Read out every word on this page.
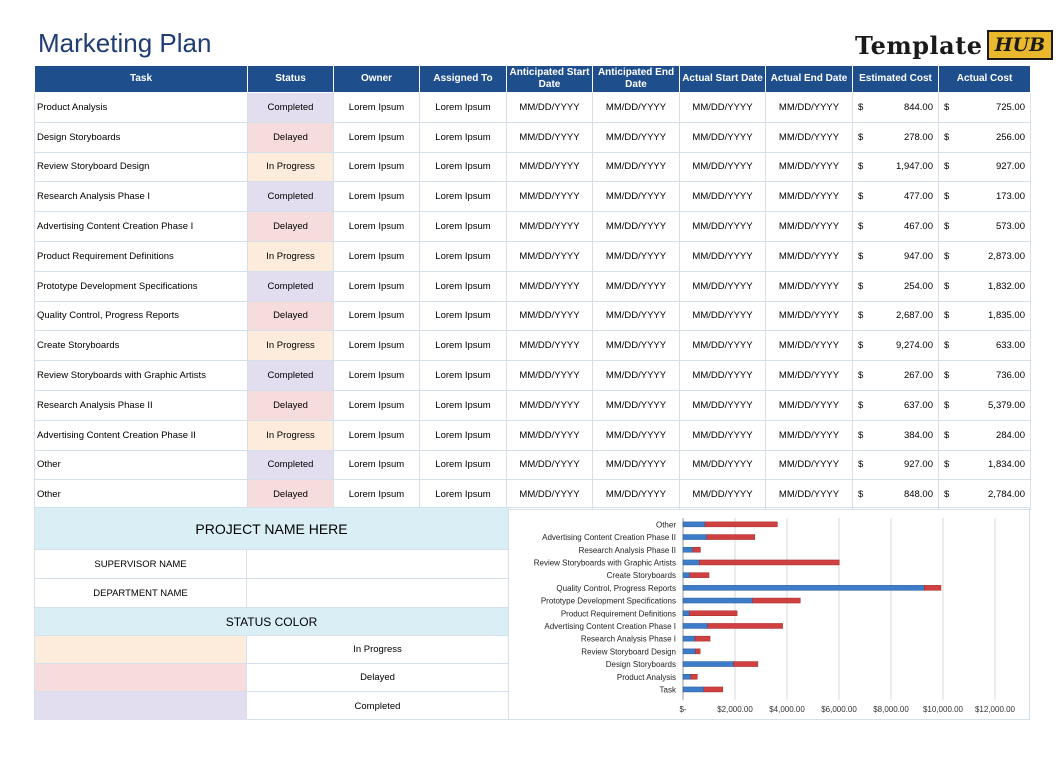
Marketing Plan	Template HUB
Task	Status	Owner	Assigned To	Anticipated Start Date	Anticipated End Date	Actual Start Date	Actual End Date	Estimated Cost	Actual Cost
Product Analysis	Completed	Lorem Ipsum	Lorem Ipsum	MM/DD/YYYY	MM/DD/YYYY	MM/DD/YYYY	MM/DD/YYYY	$ 844.00	$ 725.00

Design Storyboards	Delayed	Lorem Ipsum	Lorem Ipsum	MM/DD/YYYY	MM/DD/YYYY	MM/DD/YYYY	MM/DD/YYYY	$ 278.00	$ 256.00

Review Storyboard Design	In Progress	Lorem Ipsum	Lorem Ipsum	MM/DD/YYYY	MM/DD/YYYY	MM/DD/YYYY	MM/DD/YYYY	$ 1,947.00	$ 927.00

Research Analysis Phase I	Completed	Lorem Ipsum	Lorem Ipsum	MM/DD/YYYY	MM/DD/YYYY	MM/DD/YYYY	MM/DD/YYYY	$ 477.00	$ 173.00

Advertising Content Creation Phase I	Delayed	Lorem Ipsum	Lorem Ipsum	MM/DD/YYYY	MM/DD/YYYY	MM/DD/YYYY	MM/DD/YYYY	$ 467.00	$ 573.00

Product Requirement Definitions	In Progress	Lorem Ipsum	Lorem Ipsum	MM/DD/YYYY	MM/DD/YYYY	MM/DD/YYYY	MM/DD/YYYY	$ 947.00	$ 2,873.00

Prototype Development Specifications	Completed	Lorem Ipsum	Lorem Ipsum	MM/DD/YYYY	MM/DD/YYYY	MM/DD/YYYY	MM/DD/YYYY	$ 254.00	$ 1,832.00

Quality Control, Progress Reports	Delayed	Lorem Ipsum	Lorem Ipsum	MM/DD/YYYY	MM/DD/YYYY	MM/DD/YYYY	MM/DD/YYYY	$ 2,687.00	$ 1,835.00

Create Storyboards	In Progress	Lorem Ipsum	Lorem Ipsum	MM/DD/YYYY	MM/DD/YYYY	MM/DD/YYYY	MM/DD/YYYY	$ 9,274.00	$ 633.00

Review Storyboards with Graphic Artists	Completed	Lorem Ipsum	Lorem Ipsum	MM/DD/YYYY	MM/DD/YYYY	MM/DD/YYYY	MM/DD/YYYY	$ 267.00	$ 736.00

Research Analysis Phase II	Delayed	Lorem Ipsum	Lorem Ipsum	MM/DD/YYYY	MM/DD/YYYY	MM/DD/YYYY	MM/DD/YYYY	$ 637.00	$ 5,379.00

Advertising Content Creation Phase II	In Progress	Lorem Ipsum	Lorem Ipsum	MM/DD/YYYY	MM/DD/YYYY	MM/DD/YYYY	MM/DD/YYYY	$ 384.00	$ 284.00

Other	Completed	Lorem Ipsum	Lorem Ipsum	MM/DD/YYYY	MM/DD/YYYY	MM/DD/YYYY	MM/DD/YYYY	$ 927.00	$ 1,834.00

Other	Delayed	Lorem Ipsum	Lorem Ipsum	MM/DD/YYYY	MM/DD/YYYY	MM/DD/YYYY	MM/DD/YYYY	$ 848.00	$ 2,784.00
PROJECT NAME HERE
SUPERVISOR NAME
DEPARTMENT NAME
STATUS COLOR
In Progress
Delayed
Completed	$-	$2,000.00 $4,000.00 $6,000.00 $8,000.00 $10,000.00 $12,000.00
Task
Product Analysis
Design Storyboards
Review Storyboard Design
Research Analysis Phase I
Advertising Content Creation Phase I
Product Requirement Definitions
Prototype Development Specifications
Quality Control, Progress Reports
Create Storyboards
Review Storyboards with Graphic Artists
Research Analysis Phase II
Advertising Content Creation Phase II
Other
